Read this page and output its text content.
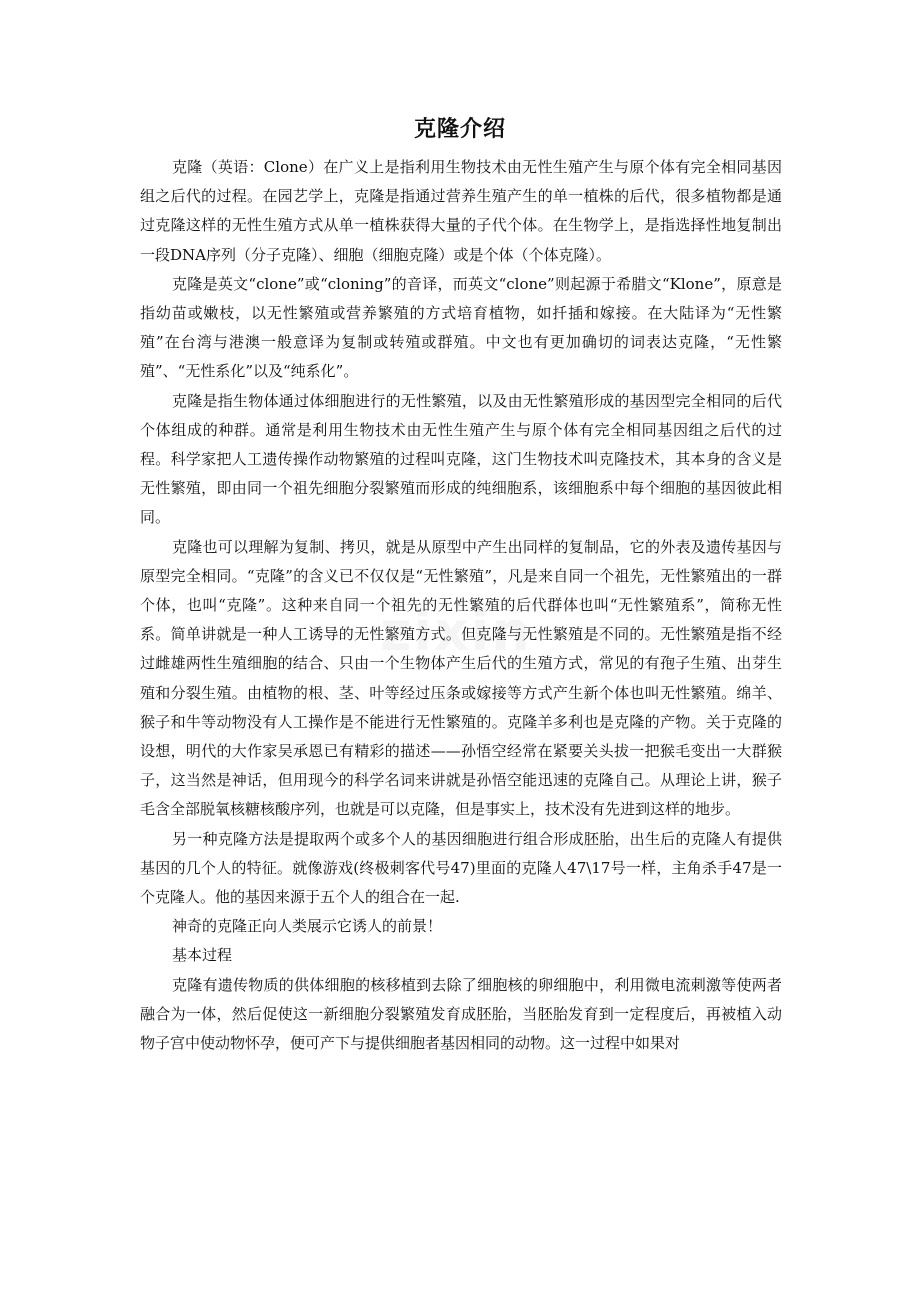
zixin
克隆介绍

克隆（英语：Clone）在广义上是指利用生物技术由无性生殖产生与原个体有完全相同基因组之后代的过程。在园艺学上，克隆是指通过营养生殖产生的单一植株的后代，很多植物都是通过克隆这样的无性生殖方式从单一植株获得大量的子代个体。在生物学上，是指选择性地复制出一段DNA序列（分子克隆）、细胞（细胞克隆）或是个体（个体克隆）。

克隆是英文“clone”或“cloning”的音译，而英文“clone”则起源于希腊文“Klone”，原意是指幼苗或嫩枝，以无性繁殖或营养繁殖的方式培育植物，如扦插和嫁接。在大陆译为“无性繁殖”在台湾与港澳一般意译为复制或转殖或群殖。中文也有更加确切的词表达克隆，“无性繁殖”、“无性系化”以及“纯系化”。

克隆是指生物体通过体细胞进行的无性繁殖，以及由无性繁殖形成的基因型完全相同的后代个体组成的种群。通常是利用生物技术由无性生殖产生与原个体有完全相同基因组之后代的过程。科学家把人工遗传操作动物繁殖的过程叫克隆，这门生物技术叫克隆技术，其本身的含义是无性繁殖，即由同一个祖先细胞分裂繁殖而形成的纯细胞系，该细胞系中每个细胞的基因彼此相同。

克隆也可以理解为复制、拷贝，就是从原型中产生出同样的复制品，它的外表及遗传基因与原型完全相同。“克隆”的含义已不仅仅是“无性繁殖”，凡是来自同一个祖先，无性繁殖出的一群个体，也叫“克隆”。这种来自同一个祖先的无性繁殖的后代群体也叫“无性繁殖系”，简称无性系。简单讲就是一种人工诱导的无性繁殖方式。但克隆与无性繁殖是不同的。无性繁殖是指不经过雌雄两性生殖细胞的结合、只由一个生物体产生后代的生殖方式，常见的有孢子生殖、出芽生殖和分裂生殖。由植物的根、茎、叶等经过压条或嫁接等方式产生新个体也叫无性繁殖。绵羊、猴子和牛等动物没有人工操作是不能进行无性繁殖的。克隆羊多利也是克隆的产物。关于克隆的设想，明代的大作家吴承恩已有精彩的描述——孙悟空经常在紧要关头拔一把猴毛变出一大群猴子，这当然是神话，但用现今的科学名词来讲就是孙悟空能迅速的克隆自己。从理论上讲，猴子毛含全部脱氧核糖核酸序列，也就是可以克隆，但是事实上，技术没有先进到这样的地步。

另一种克隆方法是提取两个或多个人的基因细胞进行组合形成胚胎，出生后的克隆人有提供基因的几个人的特征。就像游戏(终极刺客代号47)里面的克隆人47\17号一样，主角杀手47是一个克隆人。他的基因来源于五个人的组合在一起.

神奇的克隆正向人类展示它诱人的前景！

基本过程

克隆有遗传物质的供体细胞的核移植到去除了细胞核的卵细胞中，利用微电流刺激等使两者融合为一体，然后促使这一新细胞分裂繁殖发育成胚胎，当胚胎发育到一定程度后，再被植入动物子宫中使动物怀孕，便可产下与提供细胞者基因相同的动物。这一过程中如果对
